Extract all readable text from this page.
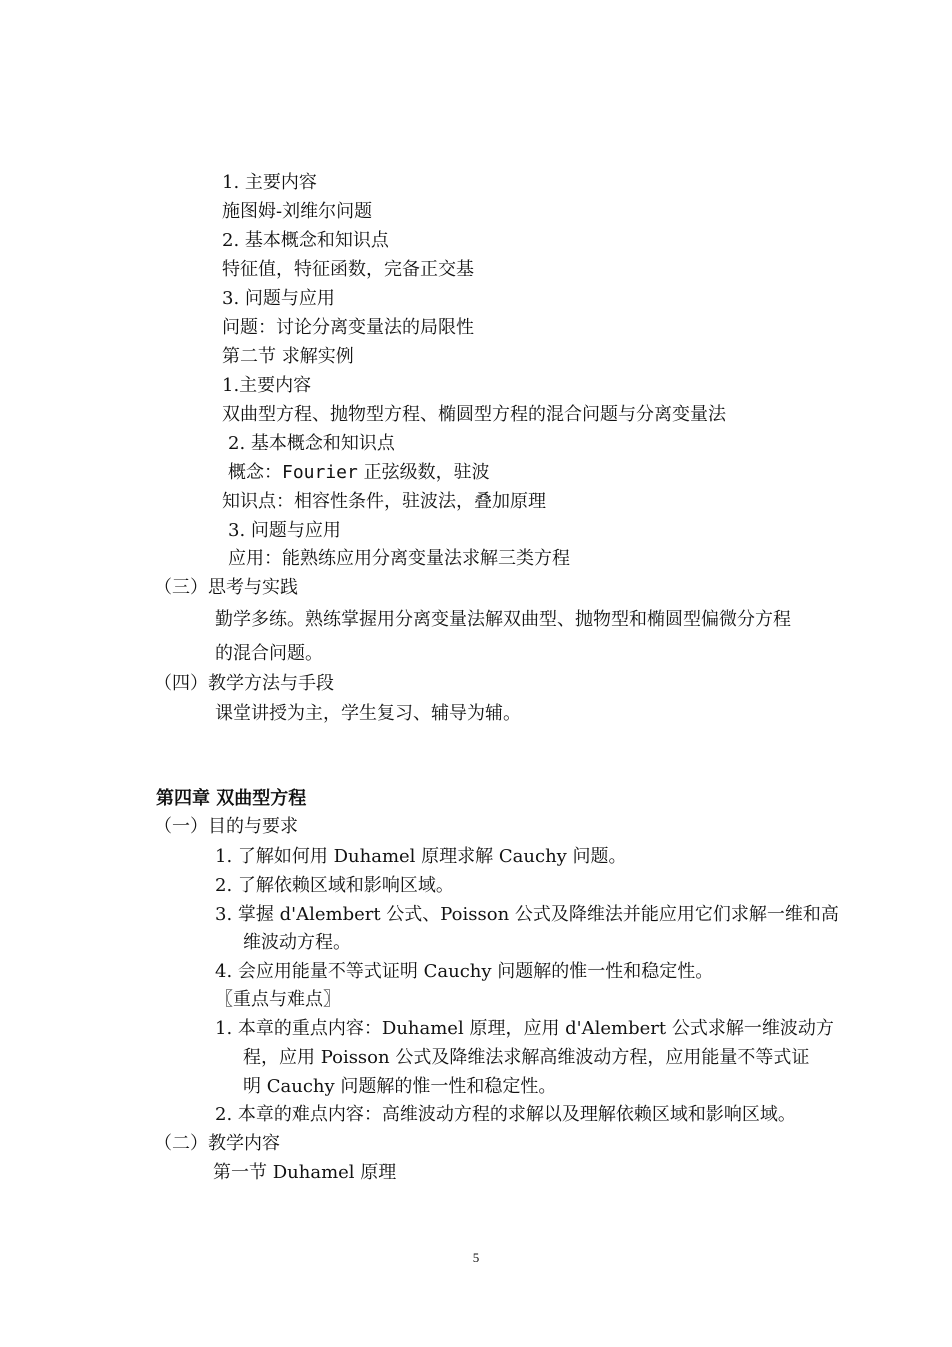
1. 主要内容
施图姆-刘维尔问题
2. 基本概念和知识点
特征值，特征函数，完备正交基
3. 问题与应用
问题：讨论分离变量法的局限性
第二节 求解实例
1.主要内容
双曲型方程、抛物型方程、椭圆型方程的混合问题与分离变量法
2. 基本概念和知识点
概念：Fourier 正弦级数，驻波
知识点：相容性条件，驻波法，叠加原理
3. 问题与应用
应用：能熟练应用分离变量法求解三类方程
（三）思考与实践
勤学多练。熟练掌握用分离变量法解双曲型、抛物型和椭圆型偏微分方程
的混合问题。
（四）教学方法与手段
课堂讲授为主，学生复习、辅导为辅。
第四章 双曲型方程
（一）目的与要求
1. 了解如何用 Duhamel 原理求解 Cauchy 问题。
2. 了解依赖区域和影响区域。
3. 掌握 d'Alembert 公式、Poisson 公式及降维法并能应用它们求解一维和高
维波动方程。
4. 会应用能量不等式证明 Cauchy 问题解的惟一性和稳定性。
〖重点与难点〗
1. 本章的重点内容：Duhamel 原理，应用 d'Alembert 公式求解一维波动方
程，应用 Poisson 公式及降维法求解高维波动方程，应用能量不等式证
明 Cauchy 问题解的惟一性和稳定性。
2. 本章的难点内容：高维波动方程的求解以及理解依赖区域和影响区域。
（二）教学内容
第一节 Duhamel 原理
5
